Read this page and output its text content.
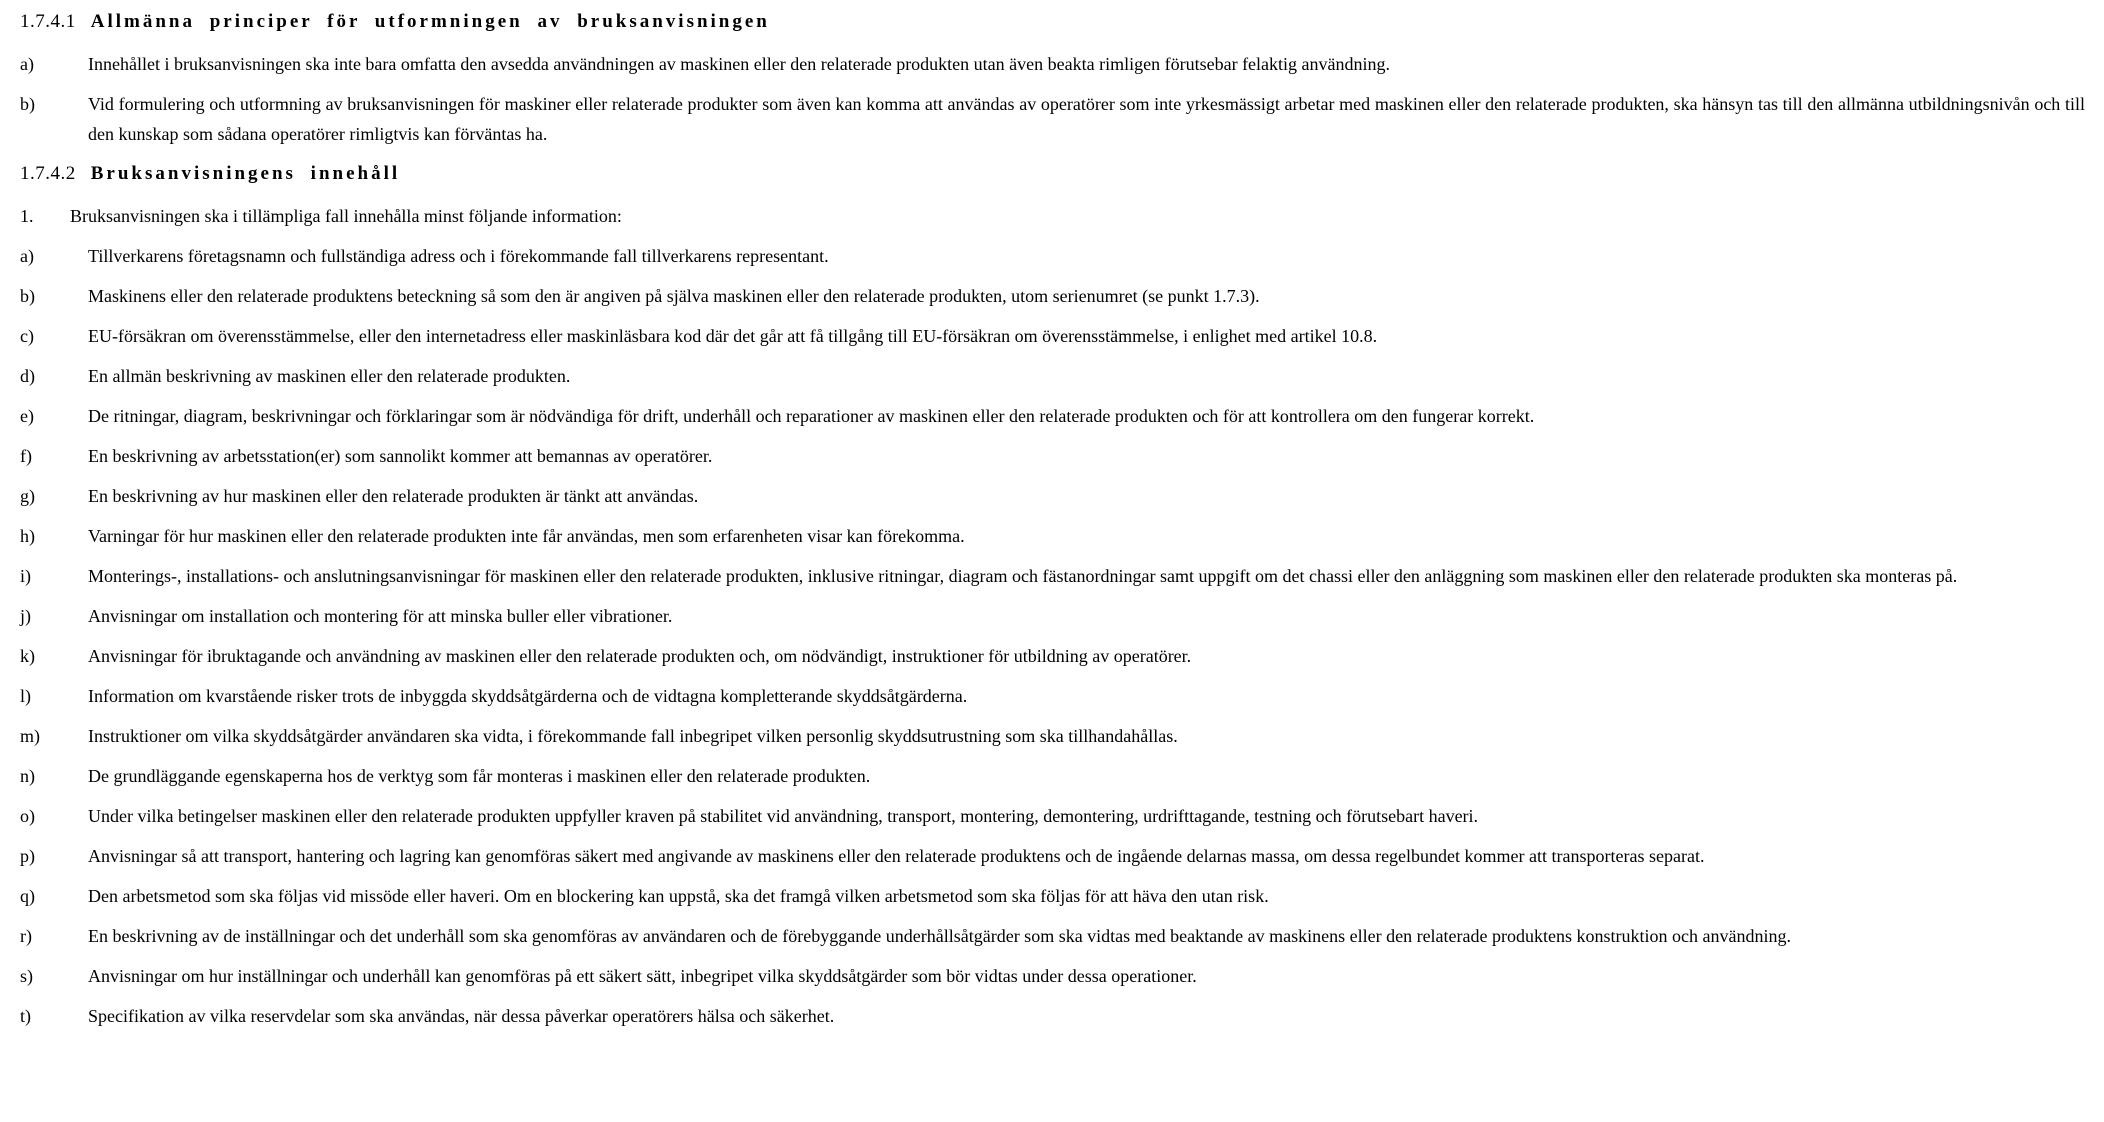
1.7.4.1 Allmänna principer för utformningen av bruksanvisningen

a)	Innehållet i bruksanvisningen ska inte bara omfatta den avsedda användningen av maskinen eller den relaterade produkten utan även beakta rimligen förutsebar felaktig användning.

b)	Vid formulering och utformning av bruksanvisningen för maskiner eller relaterade produkter som även kan komma att användas av operatörer som inte yrkesmässigt arbetar med maskinen eller den relaterade produkten, ska hänsyn tas till den allmänna utbildningsnivån och till den kunskap som sådana operatörer rimligtvis kan förväntas ha.

1.7.4.2 Bruksanvisningens innehåll

1. Bruksanvisningen ska i tillämpliga fall innehålla minst följande information:

a)	Tillverkarens företagsnamn och fullständiga adress och i förekommande fall tillverkarens representant.

b)	Maskinens eller den relaterade produktens beteckning så som den är angiven på själva maskinen eller den relaterade produkten, utom serienumret (se punkt 1.7.3).

c)	EU-försäkran om överensstämmelse, eller den internetadress eller maskinläsbara kod där det går att få tillgång till EU-försäkran om överensstämmelse, i enlighet med artikel 10.8.

d)	En allmän beskrivning av maskinen eller den relaterade produkten.

e)	De ritningar, diagram, beskrivningar och förklaringar som är nödvändiga för drift, underhåll och reparationer av maskinen eller den relaterade produkten och för att kontrollera om den fungerar korrekt.

f)	En beskrivning av arbetsstation(er) som sannolikt kommer att bemannas av operatörer.

g)	En beskrivning av hur maskinen eller den relaterade produkten är tänkt att användas.

h)	Varningar för hur maskinen eller den relaterade produkten inte får användas, men som erfarenheten visar kan förekomma.

i)	Monterings-, installations- och anslutningsanvisningar för maskinen eller den relaterade produkten, inklusive ritningar, diagram och fästanordningar samt uppgift om det chassi eller den anläggning som maskinen eller den relaterade produkten ska monteras på.

j)	Anvisningar om installation och montering för att minska buller eller vibrationer.

k)	Anvisningar för ibruktagande och användning av maskinen eller den relaterade produkten och, om nödvändigt, instruktioner för utbildning av operatörer.

l)	Information om kvarstående risker trots de inbyggda skyddsåtgärderna och de vidtagna kompletterande skyddsåtgärderna.

m)	Instruktioner om vilka skyddsåtgärder användaren ska vidta, i förekommande fall inbegripet vilken personlig skyddsutrustning som ska tillhandahållas.

n)	De grundläggande egenskaperna hos de verktyg som får monteras i maskinen eller den relaterade produkten.

o)	Under vilka betingelser maskinen eller den relaterade produkten uppfyller kraven på stabilitet vid användning, transport, montering, demontering, urdrifttagande, testning och förutsebart haveri.

p)	Anvisningar så att transport, hantering och lagring kan genomföras säkert med angivande av maskinens eller den relaterade produktens och de ingående delarnas massa, om dessa regelbundet kommer att transporteras separat.

q)	Den arbetsmetod som ska följas vid missöde eller haveri. Om en blockering kan uppstå, ska det framgå vilken arbetsmetod som ska följas för att häva den utan risk.

r)	En beskrivning av de inställningar och det underhåll som ska genomföras av användaren och de förebyggande underhållsåtgärder som ska vidtas med beaktande av maskinens eller den relaterade produktens konstruktion och användning.

s)	Anvisningar om hur inställningar och underhåll kan genomföras på ett säkert sätt, inbegripet vilka skyddsåtgärder som bör vidtas under dessa operationer.

t)	Specifikation av vilka reservdelar som ska användas, när dessa påverkar operatörers hälsa och säkerhet.
